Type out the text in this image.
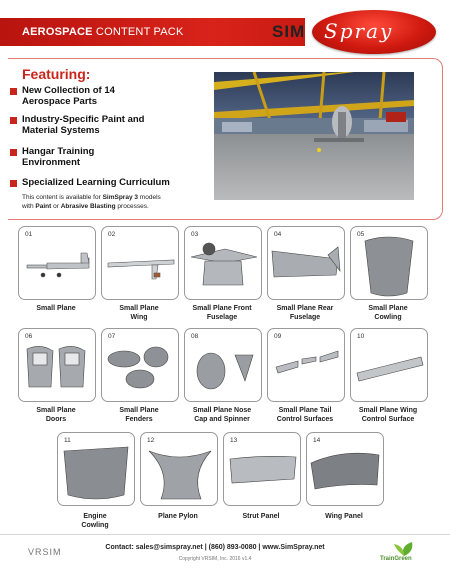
AEROSPACE CONTENT PACK	SIM Spray
Featuring:
New Collection of 14
Aerospace Parts
Industry-Specific Paint and
Material Systems
Hangar Training
Environment
Specialized Learning Curriculum
This content is available for SimSpray 3 models
with Paint or Abrasive Blasting processes.
01	02	03	04	05
Small Plane	Small Plane
Wing
Small Plane Front
Fuselage
Small Plane Rear
Fuselage
Small Plane
Cowling
06	07	08	09	10
Small Plane
Doors
Small Plane
Fenders
Small Plane Nose
Cap and Spinner
Small Plane Tail
Control Surfaces
Small Plane Wing
Control Surface
11	12	13	14
Engine
Cowling
Plane Pylon	Strut Panel	Wing Panel
VRSIM	Contact: sales@simspray.net | (860) 893-0080 | www.SimSpray.net
Copyright VRSIM, Inc. 2016 v1.4	TrainGreen
